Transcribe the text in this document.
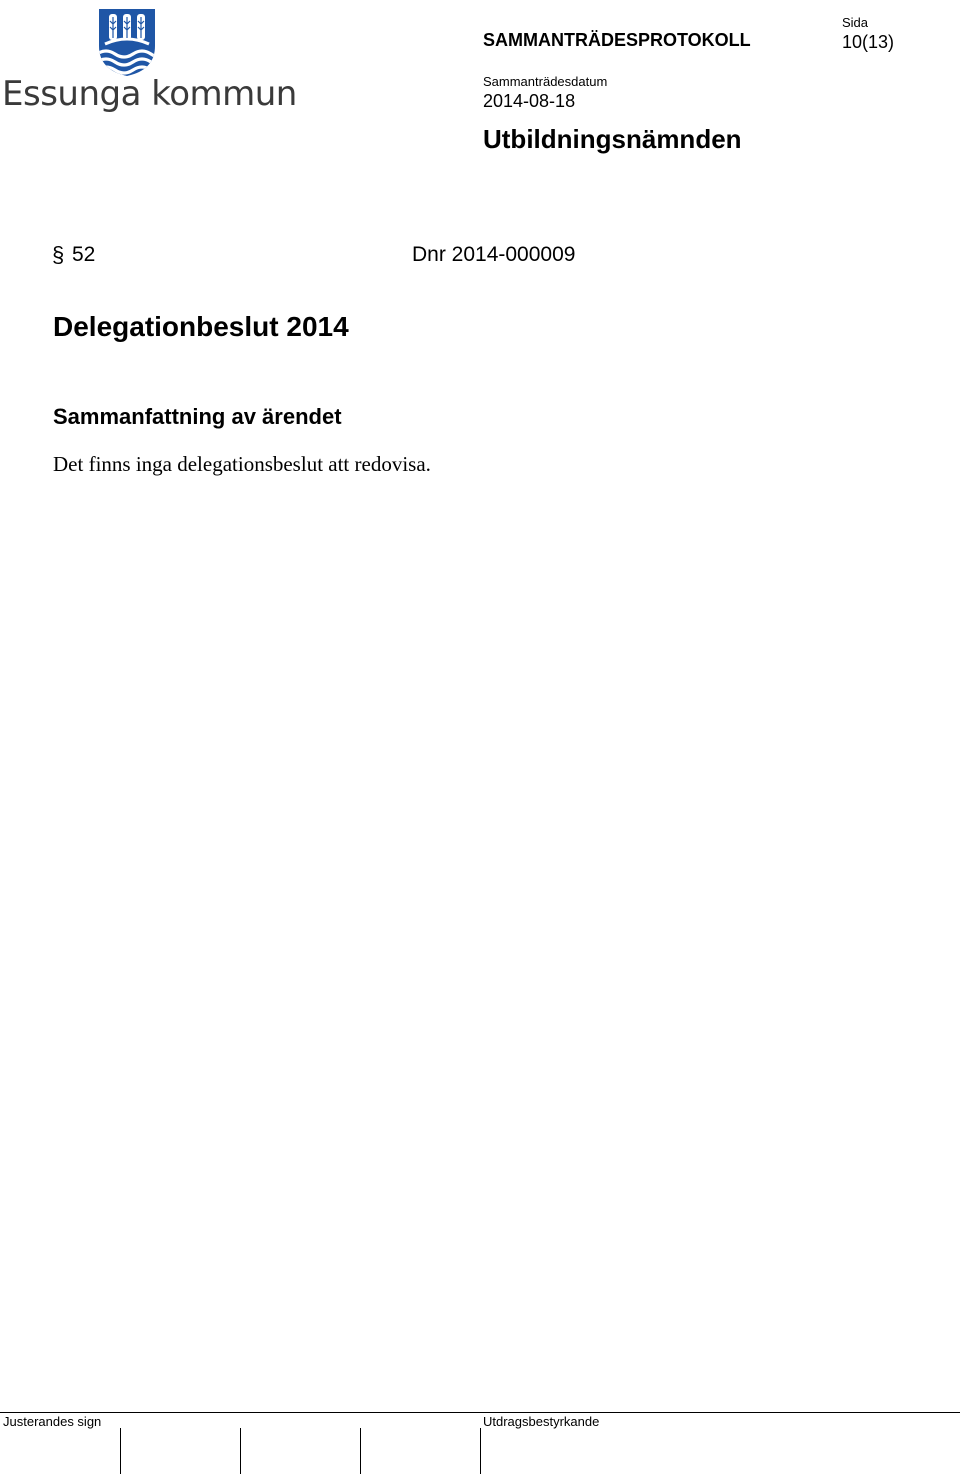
Essunga kommun
SAMMANTRÄDESPROTOKOLL
Sida
10(13)
Sammanträdesdatum
2014-08-18
Utbildningsnämnden
§ 52	Dnr 2014-000009
Delegationbeslut 2014
Sammanfattning av ärendet
Det finns inga delegationsbeslut att redovisa.
Justerandes sign	Utdragsbestyrkande
